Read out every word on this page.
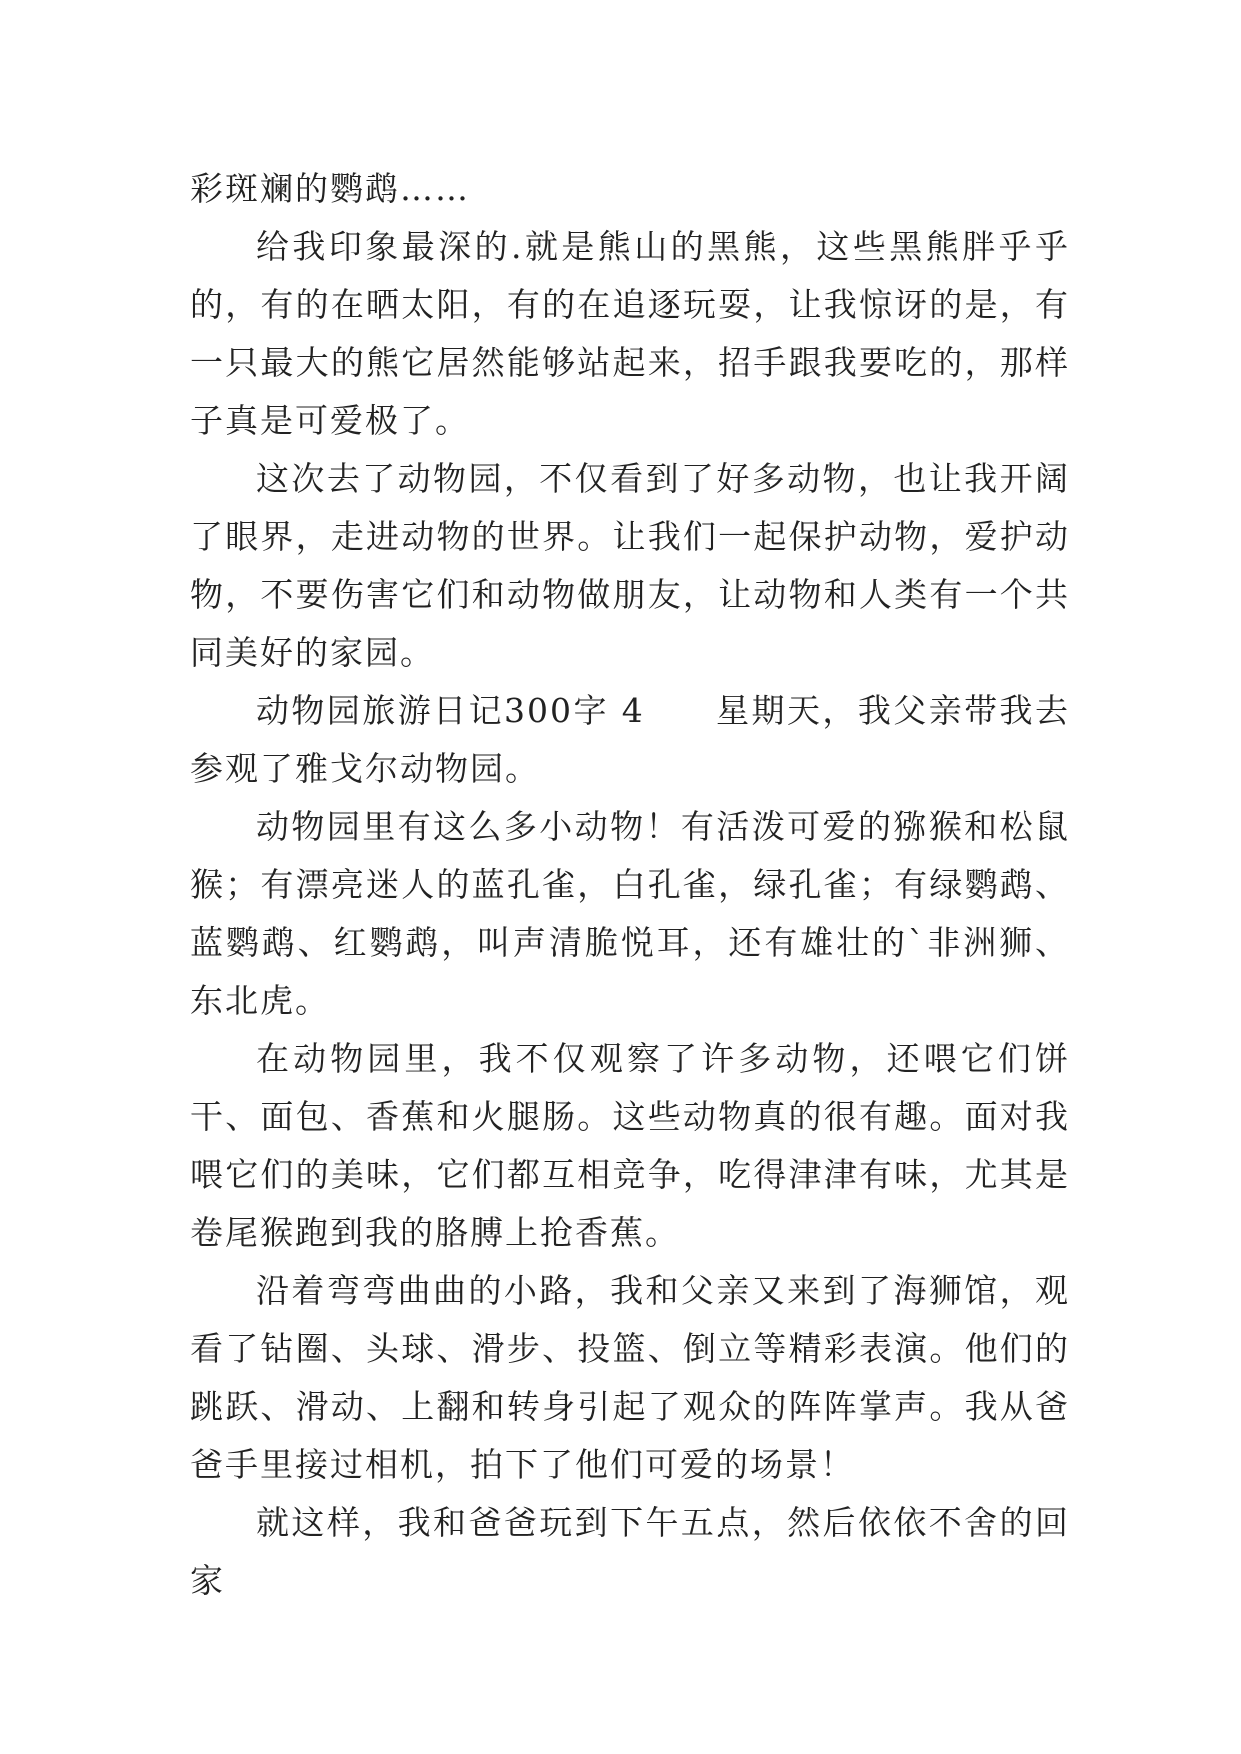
彩斑斓的鹦鹉……

给我印象最深的.就是熊山的黑熊，这些黑熊胖乎乎的，有的在晒太阳，有的在追逐玩耍，让我惊讶的是，有一只最大的熊它居然能够站起来，招手跟我要吃的，那样子真是可爱极了。

这次去了动物园，不仅看到了好多动物，也让我开阔了眼界，走进动物的世界。让我们一起保护动物，爱护动物，不要伤害它们和动物做朋友，让动物和人类有一个共同美好的家园。

动物园旅游日记300字 4　　星期天，我父亲带我去参观了雅戈尔动物园。

动物园里有这么多小动物！有活泼可爱的猕猴和松鼠猴；有漂亮迷人的蓝孔雀，白孔雀，绿孔雀；有绿鹦鹉、蓝鹦鹉、红鹦鹉，叫声清脆悦耳，还有雄壮的`非洲狮、东北虎。

在动物园里，我不仅观察了许多动物，还喂它们饼干、面包、香蕉和火腿肠。这些动物真的很有趣。面对我喂它们的美味，它们都互相竞争，吃得津津有味，尤其是卷尾猴跑到我的胳膊上抢香蕉。

沿着弯弯曲曲的小路，我和父亲又来到了海狮馆，观看了钻圈、头球、滑步、投篮、倒立等精彩表演。他们的跳跃、滑动、上翻和转身引起了观众的阵阵掌声。我从爸爸手里接过相机，拍下了他们可爱的场景！

就这样，我和爸爸玩到下午五点，然后依依不舍的回家
